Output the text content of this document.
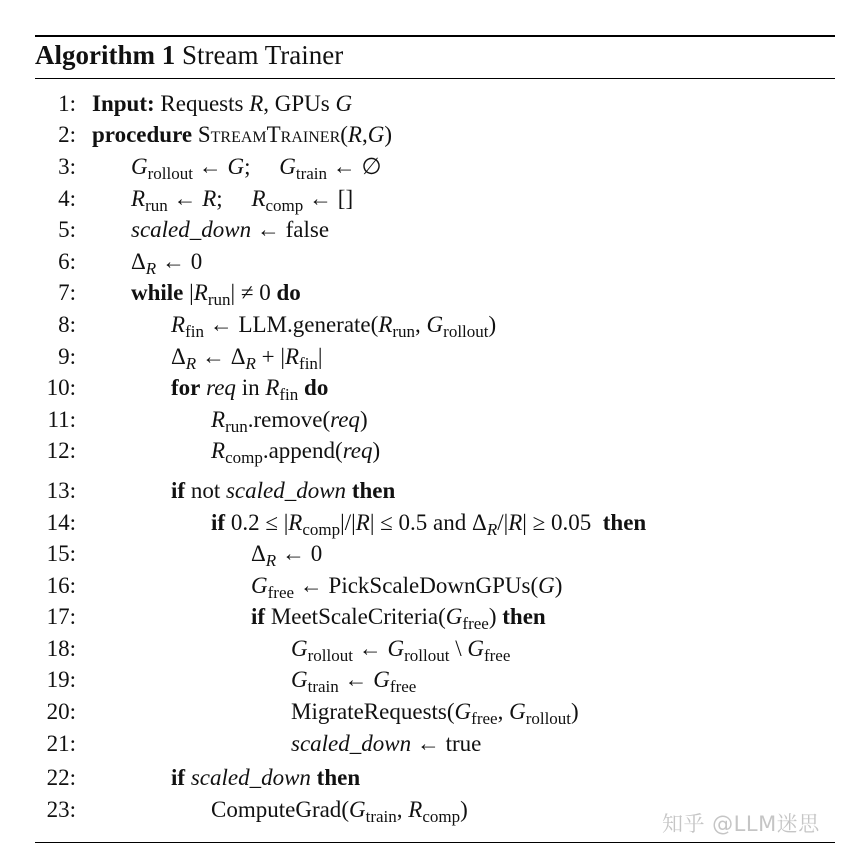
Algorithm 1 Stream Trainer
1: Input: Requests R, GPUs G
2: procedure StreamTrainer(R,G)
3: $G_{rollout}$ ← G;     $G_{train}$ ← ∅
4: $R_{run}$ ← R;     $R_{comp}$ ← []
5: scaled_down ← false
6: $\Delta_R$ ← 0
7: while $|R_{run}| \ne 0$ do
8:	$R_{fin}$ ← $LLM.generate(R_{run}$, $G_{rollout}$)
9:	$\Delta_R$ ← $\Delta_R + |R_{fin}|$
10:	for req in $R_{fin}$ do
11:	$R_{run}.remove(req)$
12:	$R_{comp}.append(req)$
13:	if not scaled_down then
14:	if $0.2 \le |R_{comp}|/|R| \le 0.5$ and $\Delta_R/|R| \ge 0.05$ then
15:	$\Delta_R$ ← 0
16:	$G_{free}$ ← PickScaleDownGPUs(G)
17:	if $MeetScaleCriteria(G_{free})$ then
18:	$G_{rollout}$ ← $G_{rollout}$ \ $G_{free}$
19:	$G_{train}$ ← $G_{free}$
20:	$MigrateRequests(G_{free}$, $G_{rollout}$)
21:	scaled_down ← true
22:	if scaled_down then
23:	$ComputeGrad(G_{train}$, $R_{comp}$)
知乎 @LLM迷思
